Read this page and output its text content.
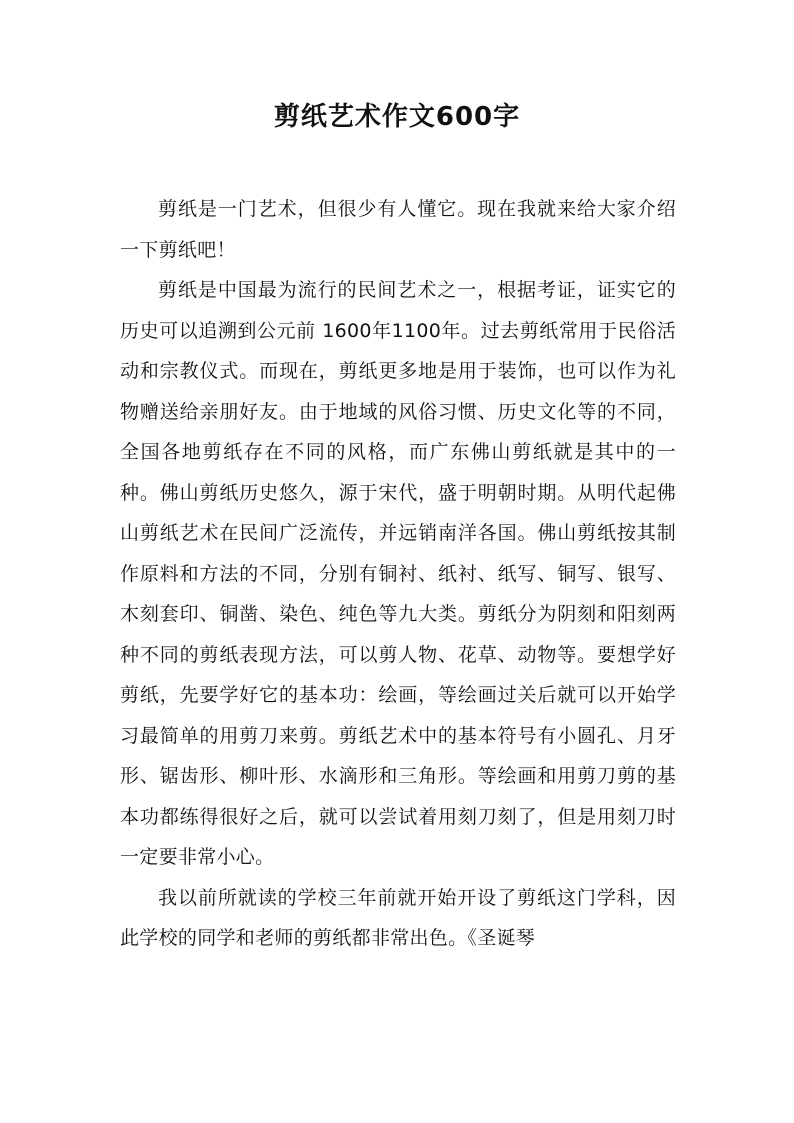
剪纸艺术作文600字

剪纸是一门艺术，但很少有人懂它。现在我就来给大家介绍一下剪纸吧！

剪纸是中国最为流行的民间艺术之一，根据考证，证实它的历史可以追溯到公元前 1600年1100年。过去剪纸常用于民俗活动和宗教仪式。而现在，剪纸更多地是用于装饰，也可以作为礼物赠送给亲朋好友。由于地域的风俗习惯、历史文化等的不同，全国各地剪纸存在不同的风格，而广东佛山剪纸就是其中的一种。佛山剪纸历史悠久，源于宋代，盛于明朝时期。从明代起佛山剪纸艺术在民间广泛流传，并远销南洋各国。佛山剪纸按其制作原料和方法的不同，分别有铜衬、纸衬、纸写、铜写、银写、木刻套印、铜凿、染色、纯色等九大类。剪纸分为阴刻和阳刻两种不同的剪纸表现方法，可以剪人物、花草、动物等。要想学好剪纸，先要学好它的基本功：绘画，等绘画过关后就可以开始学习最简单的用剪刀来剪。剪纸艺术中的基本符号有小圆孔、月牙形、锯齿形、柳叶形、水滴形和三角形。等绘画和用剪刀剪的基本功都练得很好之后，就可以尝试着用刻刀刻了，但是用刻刀时一定要非常小心。

我以前所就读的学校三年前就开始开设了剪纸这门学科，因此学校的同学和老师的剪纸都非常出色。《圣诞琴
